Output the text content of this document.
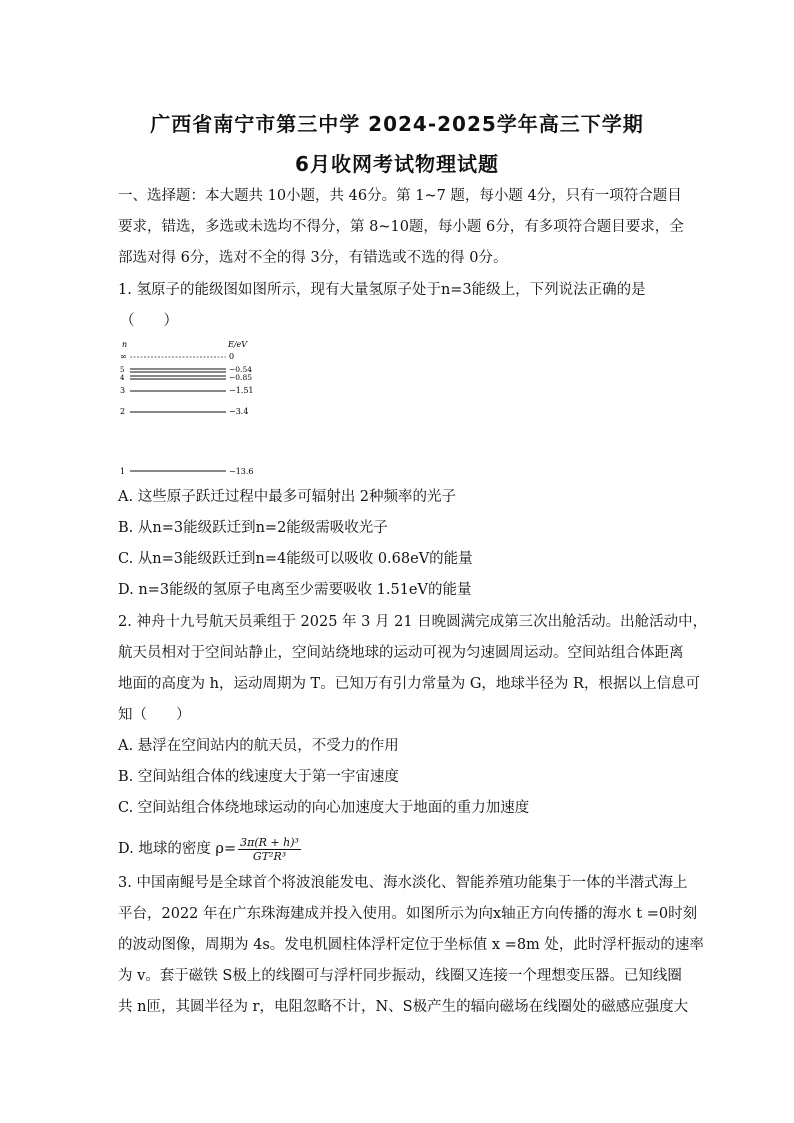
广西省南宁市第三中学 2024-2025学年高三下学期
6月收网考试物理试题
一、选择题：本大题共 10小题，共 46分。第 1~7 题，每小题 4分，只有一项符合题目
要求，错选，多选或未选均不得分，第 8~10题，每小题 6分，有多项符合题目要求，全
部选对得 6分，选对不全的得 3分，有错选或不选的得 0分。
1. 氢原子的能级图如图所示，现有大量氢原子处于n=3能级上，下列说法正确的是
（　　）
n	E/eV
∞	0
5	−0.54
4	−0.85
3	−1.51
2	−3.4
1	−13.6
A. 这些原子跃迁过程中最多可辐射出 2种频率的光子
B. 从n=3能级跃迁到n=2能级需吸收光子
C. 从n=3能级跃迁到n=4能级可以吸收 0.68eV的能量
D. n=3能级的氢原子电离至少需要吸收 1.51eV的能量
2. 神舟十九号航天员乘组于 2025 年 3 月 21 日晚圆满完成第三次出舱活动。出舱活动中，
航天员相对于空间站静止，空间站绕地球的运动可视为匀速圆周运动。空间站组合体距离
地面的高度为 h，运动周期为 T。已知万有引力常量为 G，地球半径为 R，根据以上信息可
知（　　）
A. 悬浮在空间站内的航天员，不受力的作用
B. 空间站组合体的线速度大于第一宇宙速度
C. 空间站组合体绕地球运动的向心加速度大于地面的重力加速度
D. 地球的密度 $\rho= \frac{\text{3π(R + h)³}}{\text{GT²R³}}$
3. 中国南鲲号是全球首个将波浪能发电、海水淡化、智能养殖功能集于一体的半潜式海上
平台，2022 年在广东珠海建成并投入使用。如图所示为向x轴正方向传播的海水 t =0时刻
的波动图像，周期为 4s。发电机圆柱体浮杆定位于坐标值 x =8m 处，此时浮杆振动的速率
为 v。套于磁铁 S极上的线圈可与浮杆同步振动，线圈又连接一个理想变压器。已知线圈
共 n匝，其圆半径为 r，电阻忽略不计，N、S极产生的辐向磁场在线圈处的磁感应强度大
